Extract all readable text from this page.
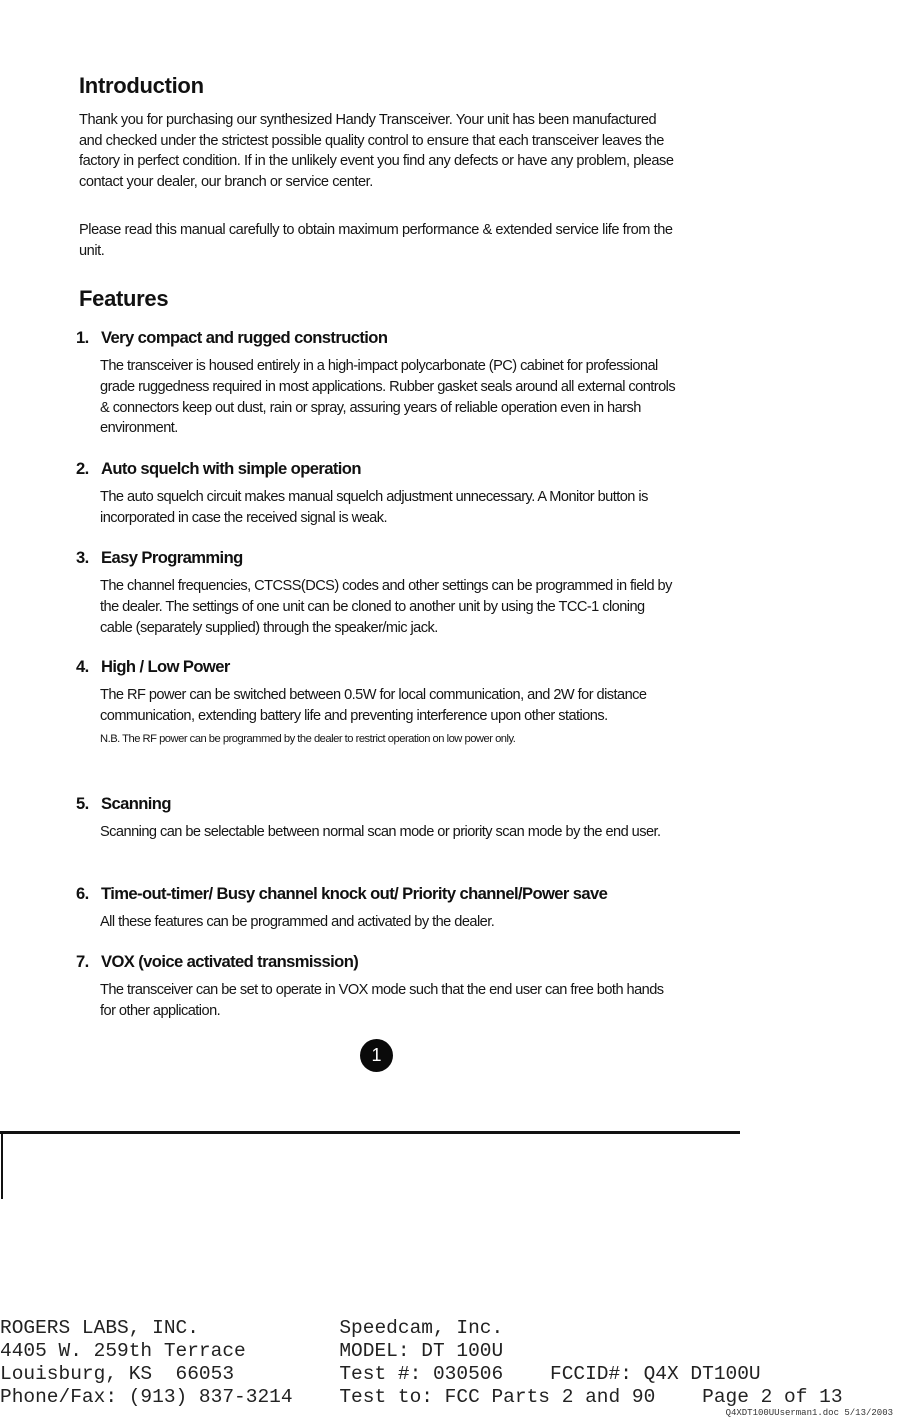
Introduction

Thank you for purchasing our synthesized Handy Transceiver. Your unit has been manufactured and checked under the strictest possible quality control to ensure that each transceiver leaves the factory in perfect condition. If in the unlikely event you find any defects or have any problem, please contact your dealer, our branch or service center.

Please read this manual carefully to obtain maximum performance & extended service life from the unit.

Features
1. Very compact and rugged construction

The transceiver is housed entirely in a high-impact polycarbonate (PC) cabinet for professional grade ruggedness required in most applications. Rubber gasket seals around all external controls & connectors keep out dust, rain or spray, assuring years of reliable operation even in harsh environment.

2. Auto squelch with simple operation

The auto squelch circuit makes manual squelch adjustment unnecessary. A Monitor button is incorporated in case the received signal is weak.

3. Easy Programming

The channel frequencies, CTCSS(DCS) codes and other settings can be programmed in field by the dealer. The settings of one unit can be cloned to another unit by using the TCC-1 cloning cable (separately supplied) through the speaker/mic jack.

4. High / Low Power

The RF power can be switched between 0.5W for local communication, and 2W for distance communication, extending battery life and preventing interference upon other stations.

N.B. The RF power can be programmed by the dealer to restrict operation on low power only.

5. Scanning

Scanning can be selectable between normal scan mode or priority scan mode by the end user.

6. Time-out-timer/ Busy channel knock out/ Priority channel/Power save

All these features can be programmed and activated by the dealer.

7. VOX (voice activated transmission)

The transceiver can be set to operate in VOX mode such that the end user can free both hands for other application.

1

ROGERS LABS, INC.            Speedcam, Inc.

4405 W. 259th Terrace        MODEL: DT 100U

Louisburg, KS  66053         Test #: 030506    FCCID#: Q4X DT100U

Phone/Fax: (913) 837-3214    Test to: FCC Parts 2 and 90    Page 2 of 13

Q4XDT100UUserman1.doc 5/13/2003
